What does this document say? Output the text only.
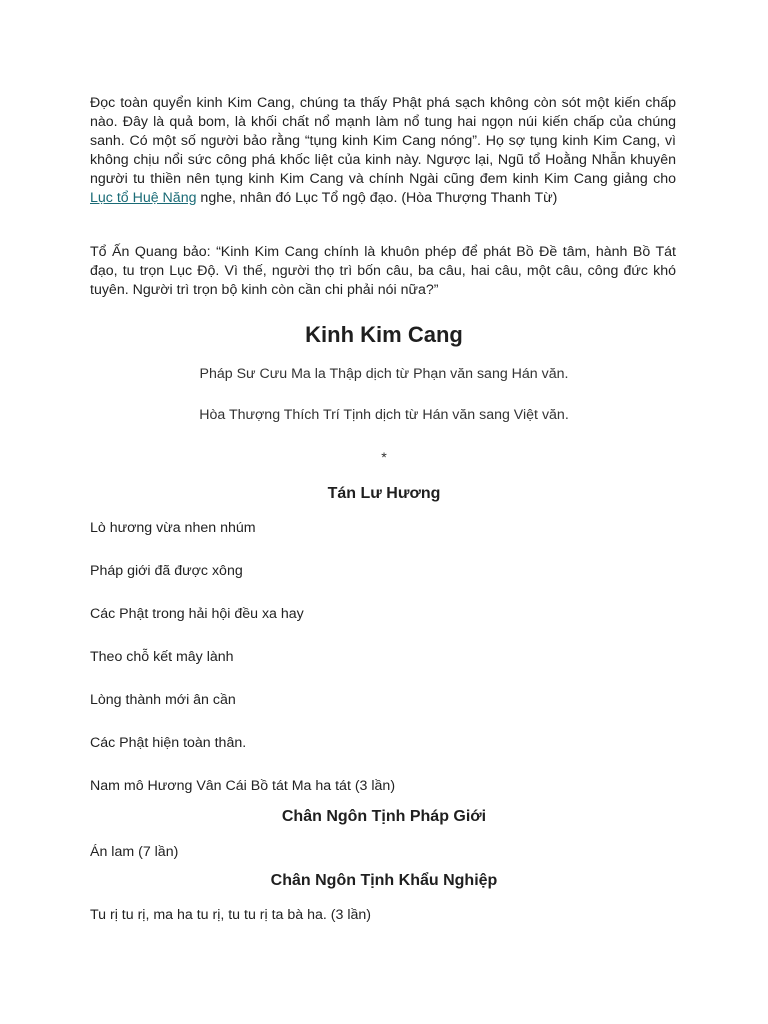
Đọc toàn quyển kinh Kim Cang, chúng ta thấy Phật phá sạch không còn sót một kiến chấp nào. Đây là quả bom, là khối chất nổ mạnh làm nổ tung hai ngọn núi kiến chấp của chúng sanh. Có một số người bảo rằng “tụng kinh Kim Cang nóng”. Họ sợ tụng kinh Kim Cang, vì không chịu nổi sức công phá khốc liệt của kinh này. Ngược lại, Ngũ tổ Hoằng Nhẫn khuyên người tu thiền nên tụng kinh Kim Cang và chính Ngài cũng đem kinh Kim Cang giảng cho Lục tổ Huệ Năng nghe, nhân đó Lục Tổ ngộ đạo. (Hòa Thượng Thanh Từ)

Tổ Ấn Quang bảo: “Kinh Kim Cang chính là khuôn phép để phát Bồ Đề tâm, hành Bồ Tát đạo, tu trọn Lục Độ. Vì thế, người thọ trì bốn câu, ba câu, hai câu, một câu, công đức khó tuyên. Người trì trọn bộ kinh còn cần chi phải nói nữa?”

Kinh Kim Cang

Pháp Sư Cưu Ma la Thập dịch từ Phạn văn sang Hán văn.

Hòa Thượng Thích Trí Tịnh dịch từ Hán văn sang Việt văn.

*

Tán Lư Hương

Lò hương vừa nhen nhúm

Pháp giới đã được xông

Các Phật trong hải hội đều xa hay

Theo chỗ kết mây lành

Lòng thành mới ân cần

Các Phật hiện toàn thân.

Nam mô Hương Vân Cái Bồ tát Ma ha tát (3 lần)

Chân Ngôn Tịnh Pháp Giới

Án lam (7 lần)

Chân Ngôn Tịnh Khẩu Nghiệp

Tu rị tu rị, ma ha tu rị, tu tu rị ta bà ha. (3 lần)
